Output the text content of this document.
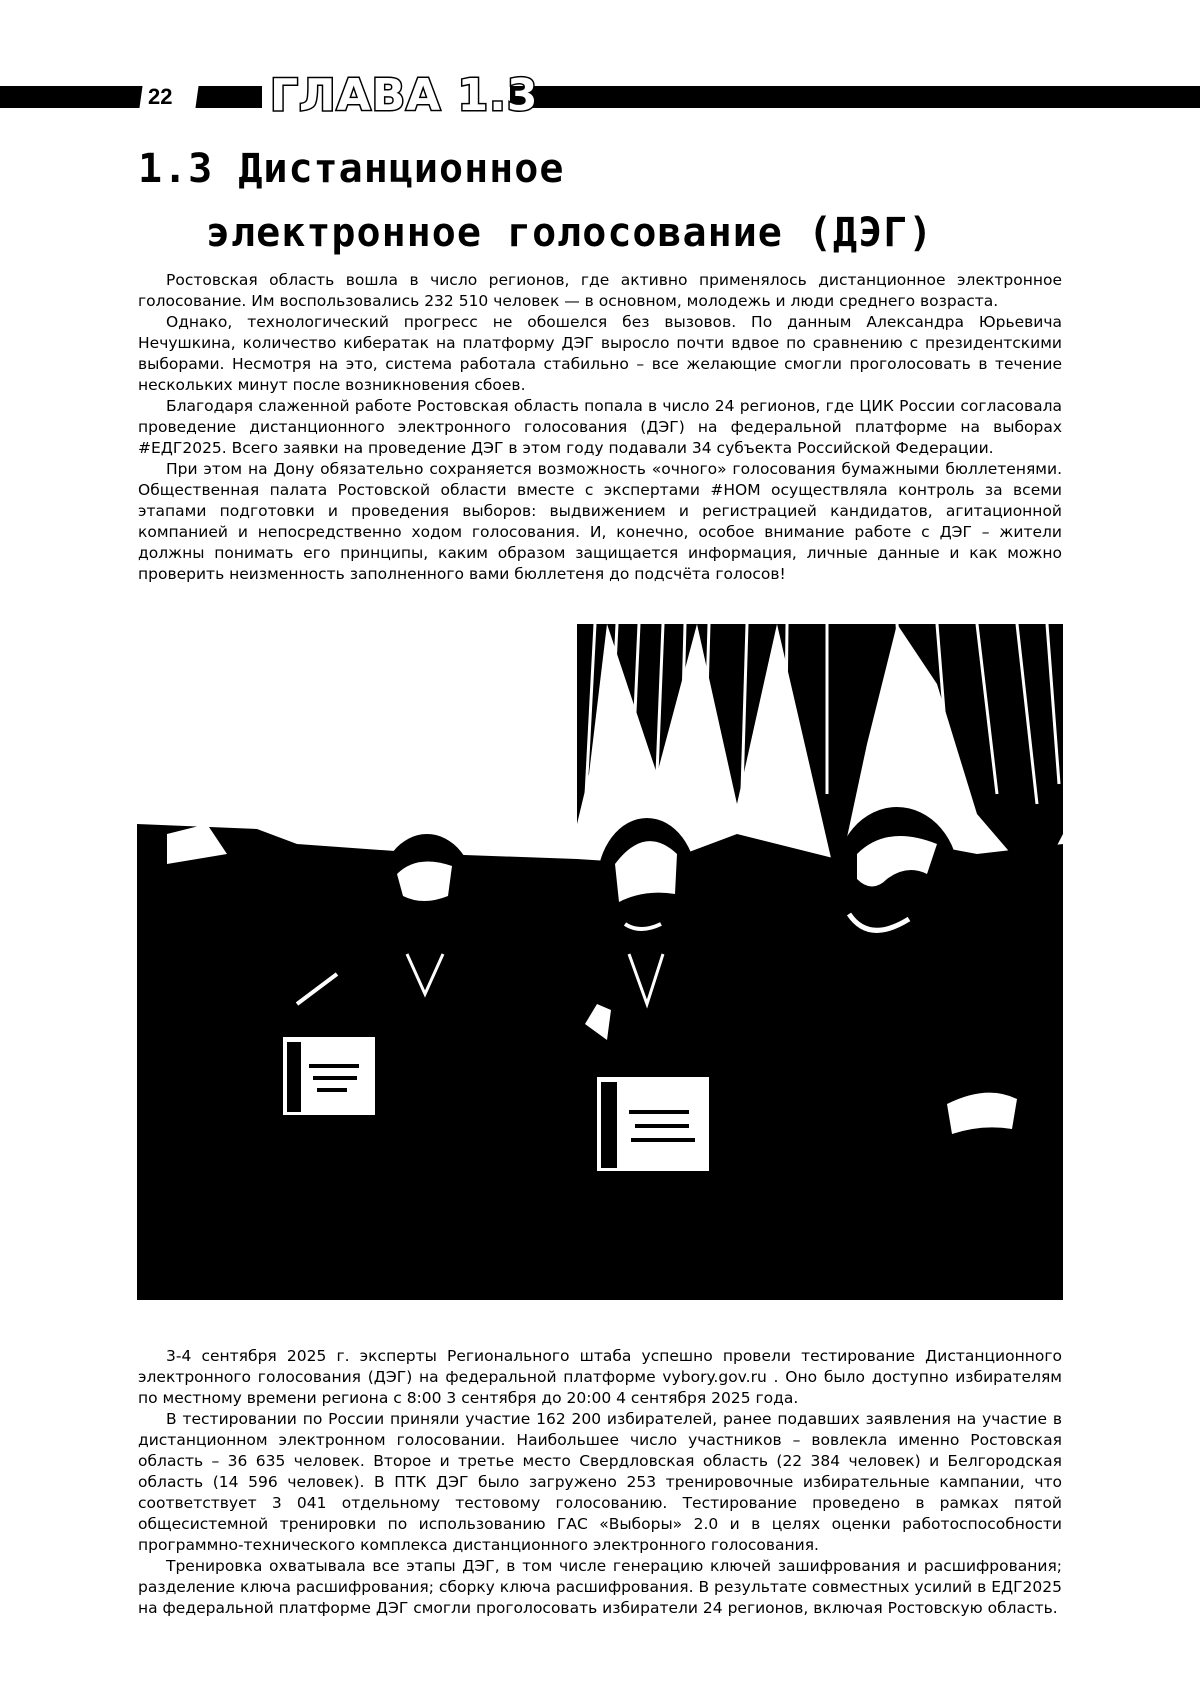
22 ГЛАВА 1.3
1.3 Дистанционное
электронное голосование (ДЭГ)

Ростовская область вошла в число регионов, где активно применялось дистанционное электронное голосование. Им воспользовались 232 510 человек — в основном, молодежь и люди среднего возраста.

Однако, технологический прогресс не обошелся без вызовов. По данным Александра Юрьевича Нечушкина, количество кибератак на платформу ДЭГ выросло почти вдвое по сравнению с президентскими выборами. Несмотря на это, система работала стабильно – все желающие смогли проголосовать в течение нескольких минут после возникновения сбоев.

Благодаря слаженной работе Ростовская область попала в число 24 регионов, где ЦИК России согласовала проведение дистанционного электронного голосования (ДЭГ) на федеральной платформе на выборах #ЕДГ2025. Всего заявки на проведение ДЭГ в этом году подавали 34 субъекта Российской Федерации.

При этом на Дону обязательно сохраняется возможность «очного» голосования бумажными бюллетенями. Общественная палата Ростовской области вместе с экспертами #НОМ осуществляла контроль за всеми этапами подготовки и проведения выборов: выдвижением и регистрацией кандидатов, агитационной компанией и непосредственно ходом голосования. И, конечно, особое внимание работе с ДЭГ – жители должны понимать его принципы, каким образом защищается информация, личные данные и как можно проверить неизменность заполненного вами бюллетеня до подсчёта голосов!

3-4 сентября 2025 г. эксперты Регионального штаба успешно провели тестирование Дистанционного электронного голосования (ДЭГ) на федеральной платформе vybory.gov.ru . Оно было доступно избирателям по местному времени региона с 8:00 3 сентября до 20:00 4 сентября 2025 года.

В тестировании по России приняли участие 162 200 избирателей, ранее подавших заявления на участие в дистанционном электронном голосовании. Наибольшее число участников – вовлекла именно Ростовская область – 36 635 человек. Второе и третье место Свердловская область (22 384 человек) и Белгородская область (14 596 человек). В ПТК ДЭГ было загружено 253 тренировочные избирательные кампании, что соответствует 3 041 отдельному тестовому голосованию. Тестирование проведено в рамках пятой общесистемной тренировки по использованию ГАС «Выборы» 2.0 и в целях оценки работоспособности программно-технического комплекса дистанционного электронного голосования.

Тренировка охватывала все этапы ДЭГ, в том числе генерацию ключей зашифрования и расшифрования; разделение ключа расшифрования; сборку ключа расшифрования. В результате совместных усилий в ЕДГ2025 на федеральной платформе ДЭГ смогли проголосовать избиратели 24 регионов, включая Ростовскую область.
